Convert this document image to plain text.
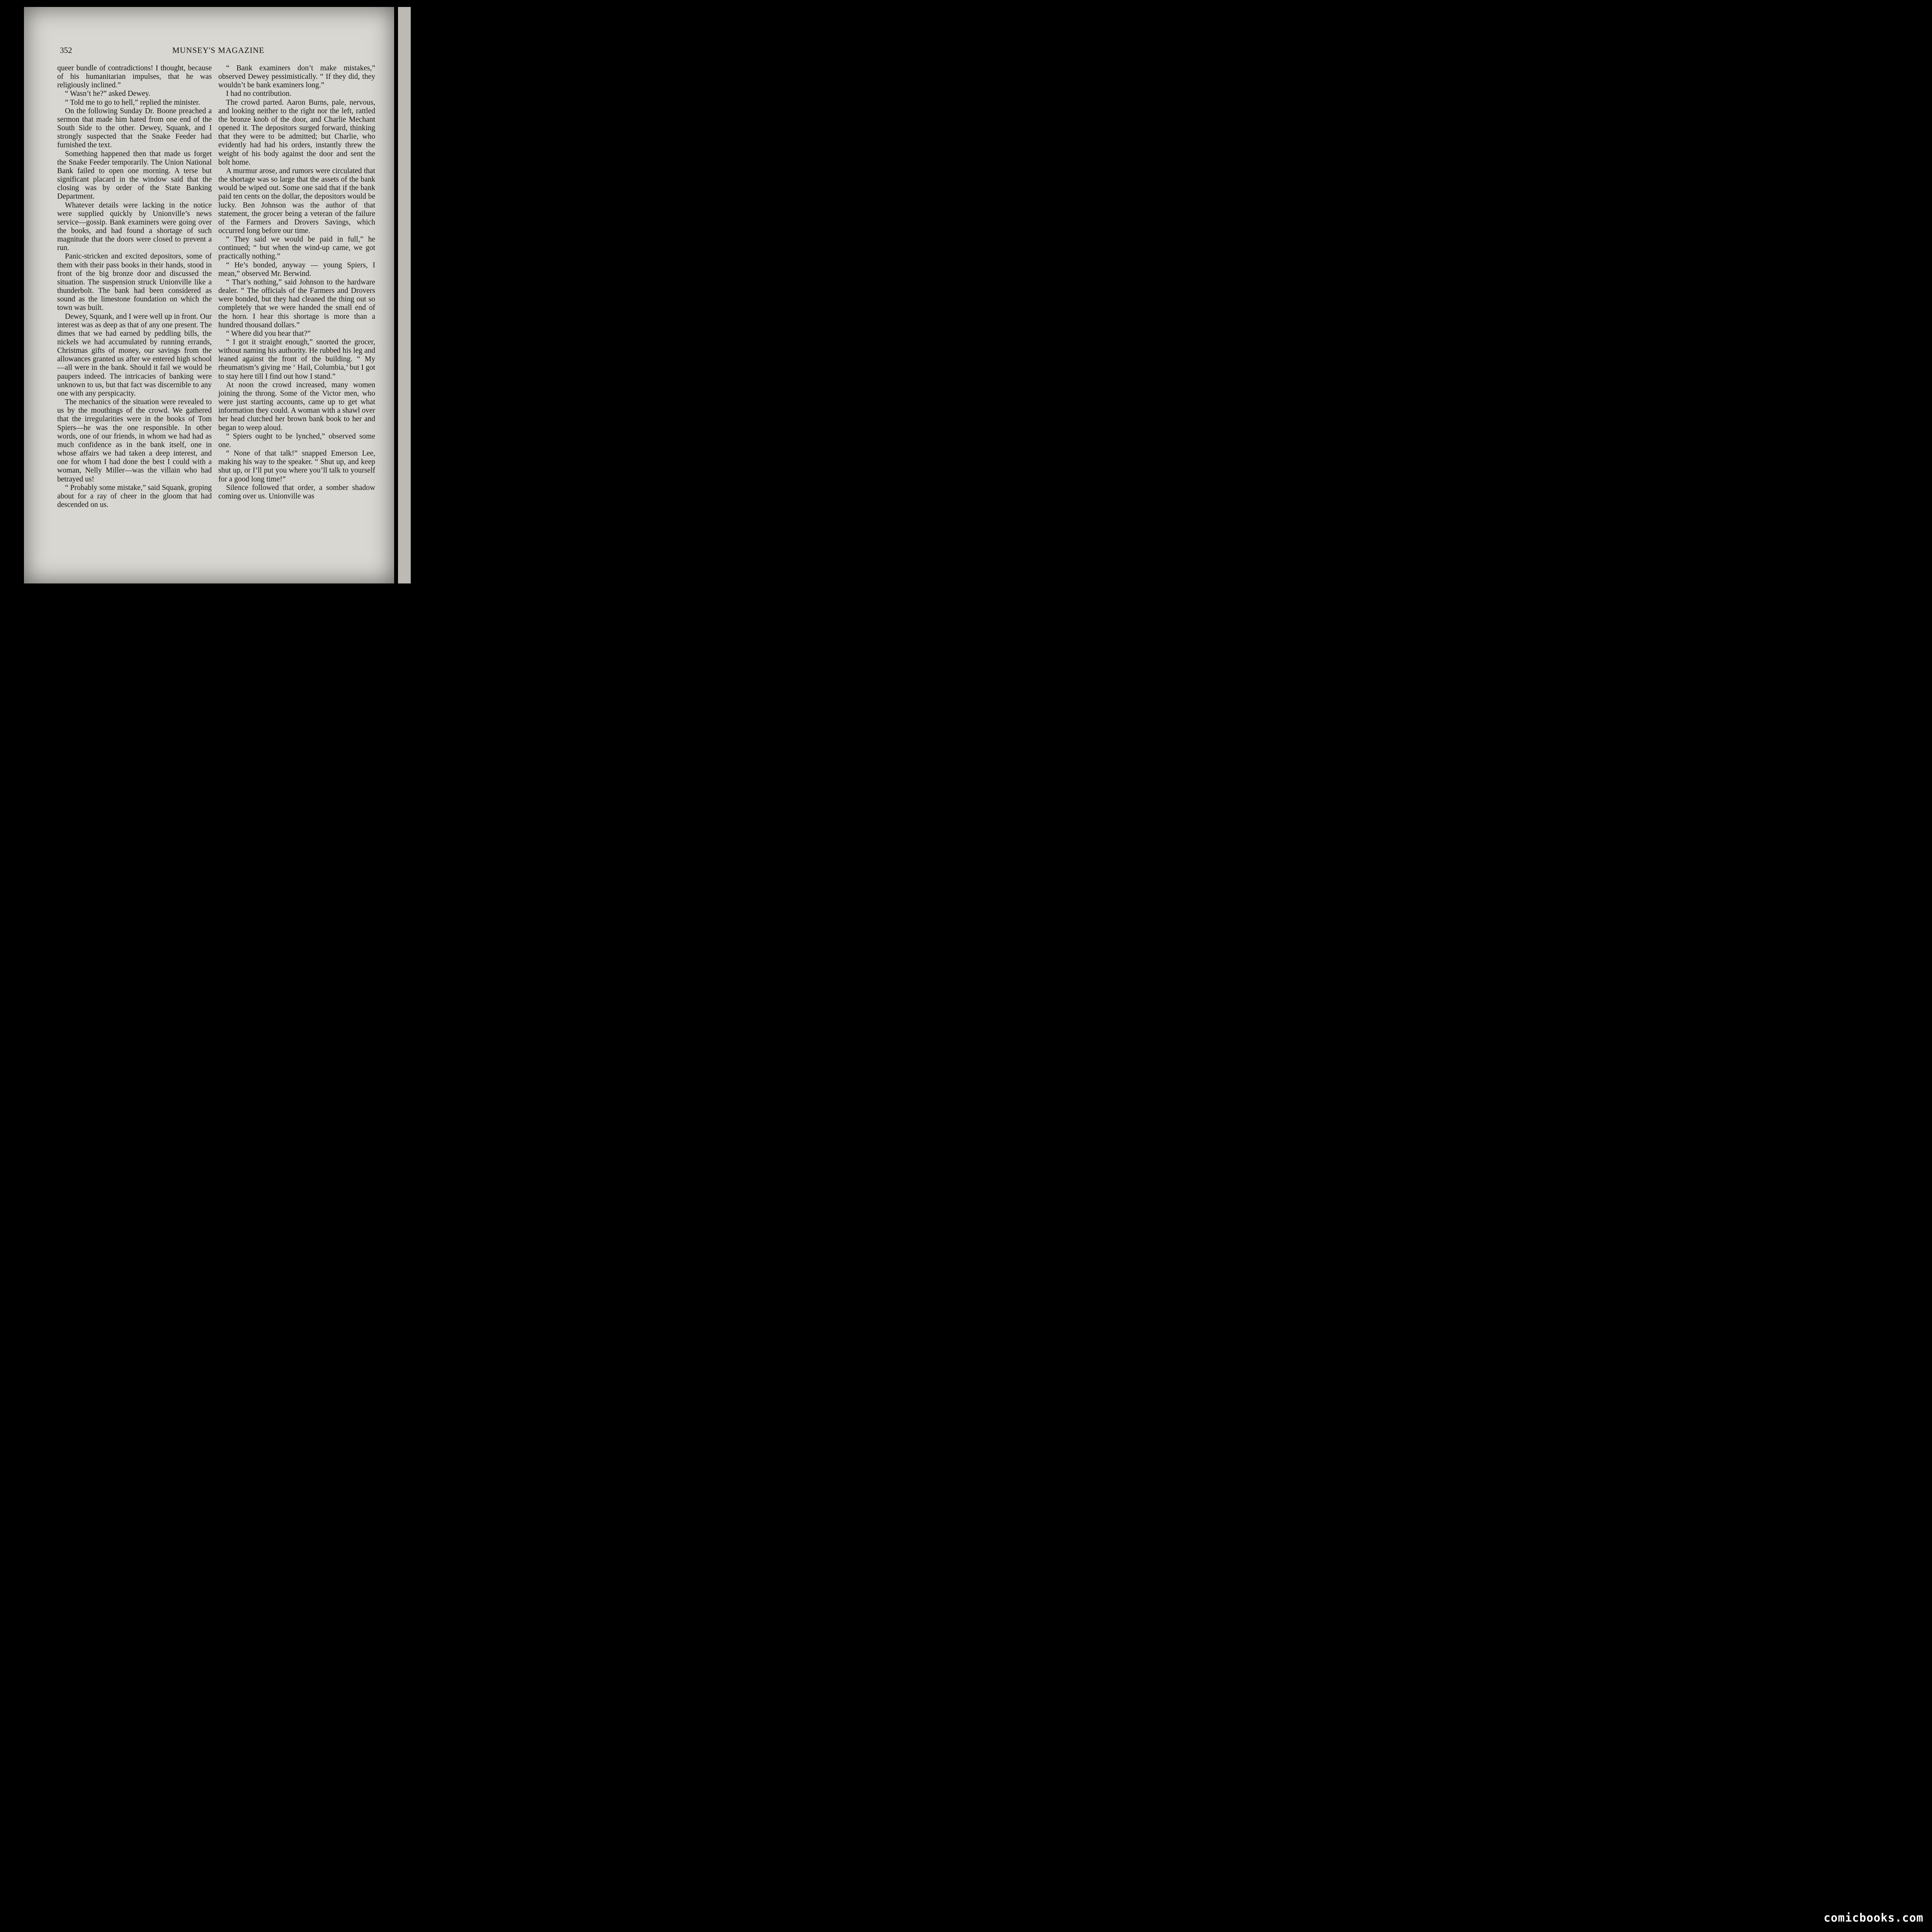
352	MUNSEY'S MAGAZINE

queer bundle of contradictions! I thought, because of his humanitarian impulses, that he was religiously inclined.”

“ Wasn’t he?” asked Dewey.

“ Told me to go to hell,” replied the minister.

On the following Sunday Dr. Boone preached a sermon that made him hated from one end of the South Side to the other. Dewey, Squank, and I strongly suspected that the Snake Feeder had furnished the text.

Something happened then that made us forget the Snake Feeder temporarily. The Union National Bank failed to open one morning. A terse but significant placard in the window said that the closing was by order of the State Banking Department.

Whatever details were lacking in the notice were supplied quickly by Unionville’s news service—gossip. Bank examiners were going over the books, and had found a shortage of such magnitude that the doors were closed to prevent a run.

Panic-stricken and excited depositors, some of them with their pass books in their hands, stood in front of the big bronze door and discussed the situation. The suspension struck Unionville like a thunderbolt. The bank had been considered as sound as the limestone foundation on which the town was built.

Dewey, Squank, and I were well up in front. Our interest was as deep as that of any one present. The dimes that we had earned by peddling bills, the nickels we had accumulated by running errands, Christmas gifts of money, our savings from the allowances granted us after we entered high school—all were in the bank. Should it fail we would be paupers indeed. The intricacies of banking were unknown to us, but that fact was discernible to any one with any perspicacity.

The mechanics of the situation were revealed to us by the mouthings of the crowd. We gathered that the irregularities were in the books of Tom Spiers—he was the one responsible. In other words, one of our friends, in whom we had had as much confidence as in the bank itself, one in whose affairs we had taken a deep interest, and one for whom I had done the best I could with a woman, Nelly Miller—was the villain who had betrayed us!

“ Probably some mistake,” said Squank, groping about for a ray of cheer in the gloom that had descended on us.

“ Bank examiners don’t make mistakes,” observed Dewey pessimistically. “ If they did, they wouldn’t be bank examiners long.”

I had no contribution.

The crowd parted. Aaron Burns, pale, nervous, and looking neither to the right nor the left, rattled the bronze knob of the door, and Charlie Mechant opened it. The depositors surged forward, thinking that they were to be admitted; but Charlie, who evidently had had his orders, instantly threw the weight of his body against the door and sent the bolt home.

A murmur arose, and rumors were circulated that the shortage was so large that the assets of the bank would be wiped out. Some one said that if the bank paid ten cents on the dollar, the depositors would be lucky. Ben Johnson was the author of that statement, the grocer being a veteran of the failure of the Farmers and Drovers Savings, which occurred long before our time.

“ They said we would be paid in full,” he continued; “ but when the wind-up came, we got practically nothing.”

“ He’s bonded, anyway — young Spiers, I mean,” observed Mr. Berwind.

“ That’s nothing,” said Johnson to the hardware dealer. “ The officials of the Farmers and Drovers were bonded, but they had cleaned the thing out so completely that we were handed the small end of the horn. I hear this shortage is more than a hundred thousand dollars.”

“ Where did you hear that?”

“ I got it straight enough,” snorted the grocer, without naming his authority. He rubbed his leg and leaned against the front of the building. “ My rheumatism’s giving me ‘ Hail, Columbia,’ but I got to stay here till I find out how I stand.”

At noon the crowd increased, many women joining the throng. Some of the Victor men, who were just starting accounts, came up to get what information they could. A woman with a shawl over her head clutched her brown bank book to her and began to weep aloud.

“ Spiers ought to be lynched,” observed some one.

“ None of that talk!” snapped Emerson Lee, making his way to the speaker. “ Shut up, and keep shut up, or I’ll put you where you’ll talk to yourself for a good long time!”

Silence followed that order, a somber shadow coming over us. Unionville was

comicbooks.com
